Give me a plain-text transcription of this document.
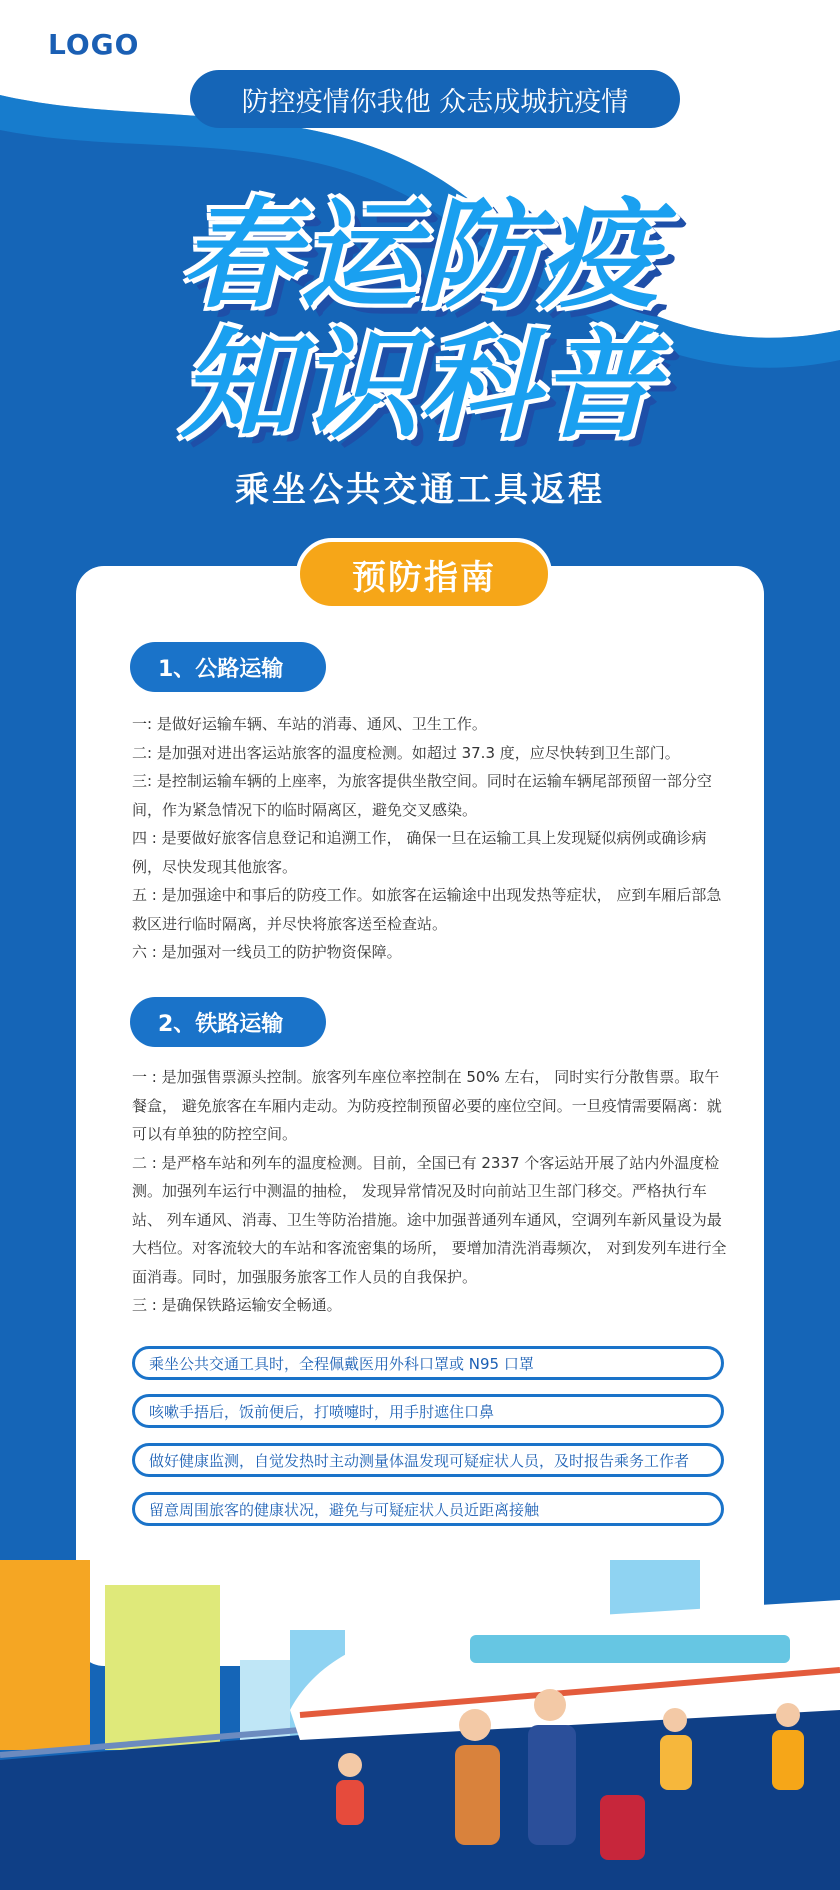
LOGO
防控疫情你我他 众志成城抗疫情
春运防疫
知识科普
乘坐公共交通工具返程
预防指南
1、公路运输

一: 是做好运输车辆、车站的消毒、通风、卫生工作。

二: 是加强对进出客运站旅客的温度检测。如超过 37.3 度，应尽快转到卫生部门。

三: 是控制运输车辆的上座率，为旅客提供坐散空间。同时在运输车辆尾部预留一部分空间，作为紧急情况下的临时隔离区，避免交叉感染。

四 : 是要做好旅客信息登记和追溯工作， 确保一旦在运输工具上发现疑似病例或确诊病例，尽快发现其他旅客。

五 : 是加强途中和事后的防疫工作。如旅客在运输途中出现发热等症状， 应到车厢后部急救区进行临时隔离，并尽快将旅客送至检查站。

六 : 是加强对一线员工的防护物资保障。

2、铁路运输

一 : 是加强售票源头控制。旅客列车座位率控制在 50% 左右， 同时实行分散售票。取午餐盒， 避免旅客在车厢内走动。为防疫控制预留必要的座位空间。一旦疫情需要隔离：就可以有单独的防控空间。

二 : 是严格车站和列车的温度检测。目前，全国已有 2337 个客运站开展了站内外温度检测。加强列车运行中测温的抽检， 发现异常情况及时向前站卫生部门移交。严格执行车站、 列车通风、消毒、卫生等防治措施。途中加强普通列车通风，空调列车新风量设为最大档位。对客流较大的车站和客流密集的场所， 要增加清洗消毒频次， 对到发列车进行全面消毒。同时，加强服务旅客工作人员的自我保护。

三 : 是确保铁路运输安全畅通。

乘坐公共交通工具时，全程佩戴医用外科口罩或 N95 口罩
咳嗽手捂后，饭前便后，打喷嚏时，用手肘遮住口鼻
做好健康监测，自觉发热时主动测量体温发现可疑症状人员，及时报告乘务工作者
留意周围旅客的健康状况，避免与可疑症状人员近距离接触
